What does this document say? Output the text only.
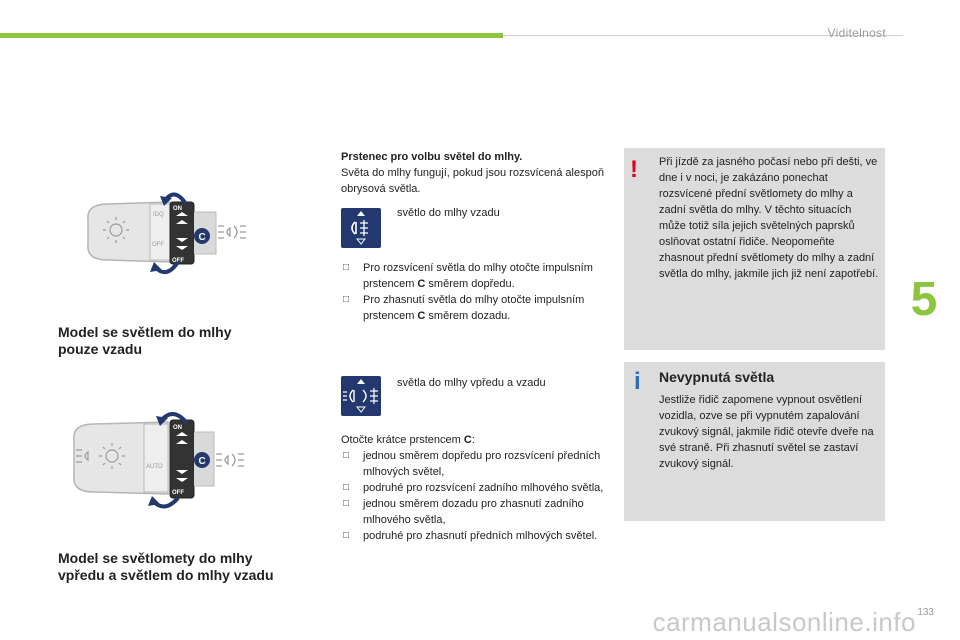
Viditelnost
5
IDQ
OFF
ON
OFF
C
AUTO
ON
OFF
C
Model se světlem do mlhy
pouze vzadu
Model se světlomety do mlhy
vpředu a světlem do mlhy vzadu
Prstenec pro volbu světel do mlhy.
Světa do mlhy fungují, pokud jsou rozsvícená alespoň obrysová světla.
světlo do mlhy vzadu
□ Pro rozsvícení světla do mlhy otočte impulsním prstencem C směrem dopředu.
□ Pro zhasnutí světla do mlhy otočte impulsním prstencem C směrem dozadu.
světla do mlhy vpředu a vzadu
Otočte krátce prstencem C:
□ jednou směrem dopředu pro rozsvícení předních mlhových světel,
□ podruhé pro rozsvícení zadního mlhového světla,
□ jednou směrem dozadu pro zhasnutí zadního mlhového světla,
□ podruhé pro zhasnutí předních mlhových světel.
! Při jízdě za jasného počasí nebo při dešti, ve dne i v noci, je zakázáno ponechat rozsvícené přední světlomety do mlhy a zadní světla do mlhy. V těchto situacích může totiž síla jejich světelných paprsků oslňovat ostatní řidiče. Neopomeňte zhasnout přední světlomety do mlhy a zadní světla do mlhy, jakmile jich již není zapotřebí.
i Nevypnutá světla
Jestliže řidič zapomene vypnout osvětlení vozidla, ozve se při vypnutém zapalování zvukový signál, jakmile řidič otevře dveře na své straně. Při zhasnutí světel se zastaví zvukový signál.
133
carmanualsonline.info
